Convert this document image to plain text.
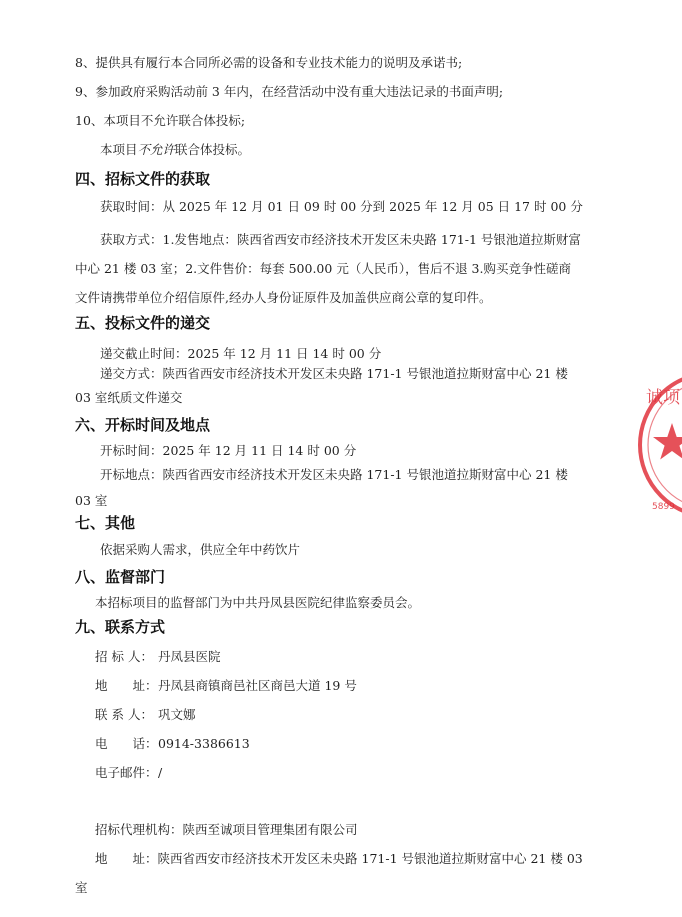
8、提供具有履行本合同所必需的设备和专业技术能力的说明及承诺书;
9、参加政府采购活动前 3 年内，在经营活动中没有重大违法记录的书面声明;
10、本项目不允许联合体投标;
本项目不允许联合体投标。
四、招标文件的获取
获取时间：从 2025 年 12 月 01 日 09 时 00 分到 2025 年 12 月 05 日 17 时 00 分
获取方式：1.发售地点：陕西省西安市经济技术开发区未央路 171-1 号银池道拉斯财富中心 21 楼 03 室；2.文件售价：每套 500.00 元（人民币），售后不退 3.购买竞争性磋商文件请携带单位介绍信原件,经办人身份证原件及加盖供应商公章的复印件。
五、投标文件的递交
递交截止时间：2025 年 12 月 11 日 14 时 00 分
递交方式：陕西省西安市经济技术开发区未央路 171-1 号银池道拉斯财富中心 21 楼 03 室纸质文件递交
六、开标时间及地点
开标时间：2025 年 12 月 11 日 14 时 00 分
开标地点：陕西省西安市经济技术开发区未央路 171-1 号银池道拉斯财富中心 21 楼 03 室
七、其他
依据采购人需求，供应全年中药饮片
八、监督部门
本招标项目的监督部门为中共丹凤县医院纪律监察委员会。
九、联系方式
招 标 人： 丹凤县医院
地　　址：丹凤县商镇商邑社区商邑大道 19 号
联 系 人： 巩文娜
电　　话：0914-3386613
电子邮件：/
招标代理机构：陕西至诚项目管理集团有限公司
地　　址：陕西省西安市经济技术开发区未央路 171-1 号银池道拉斯财富中心 21 楼 03 室
诚项
5899
